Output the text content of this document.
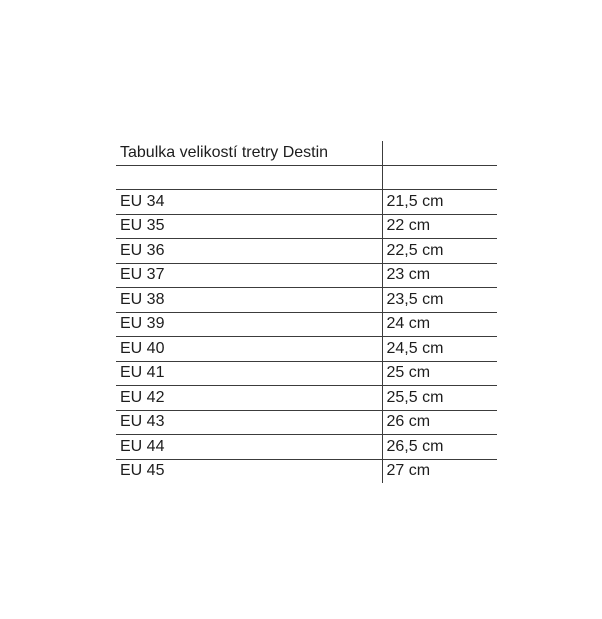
Tabulka velikostí tretry Destin	

EU 34	21,5 cm
EU 35	22 cm
EU 36	22,5 cm
EU 37	23 cm
EU 38	23,5 cm
EU 39	24 cm
EU 40	24,5 cm
EU 41	25 cm
EU 42	25,5 cm
EU 43	26 cm
EU 44	26,5 cm
EU 45	27 cm
